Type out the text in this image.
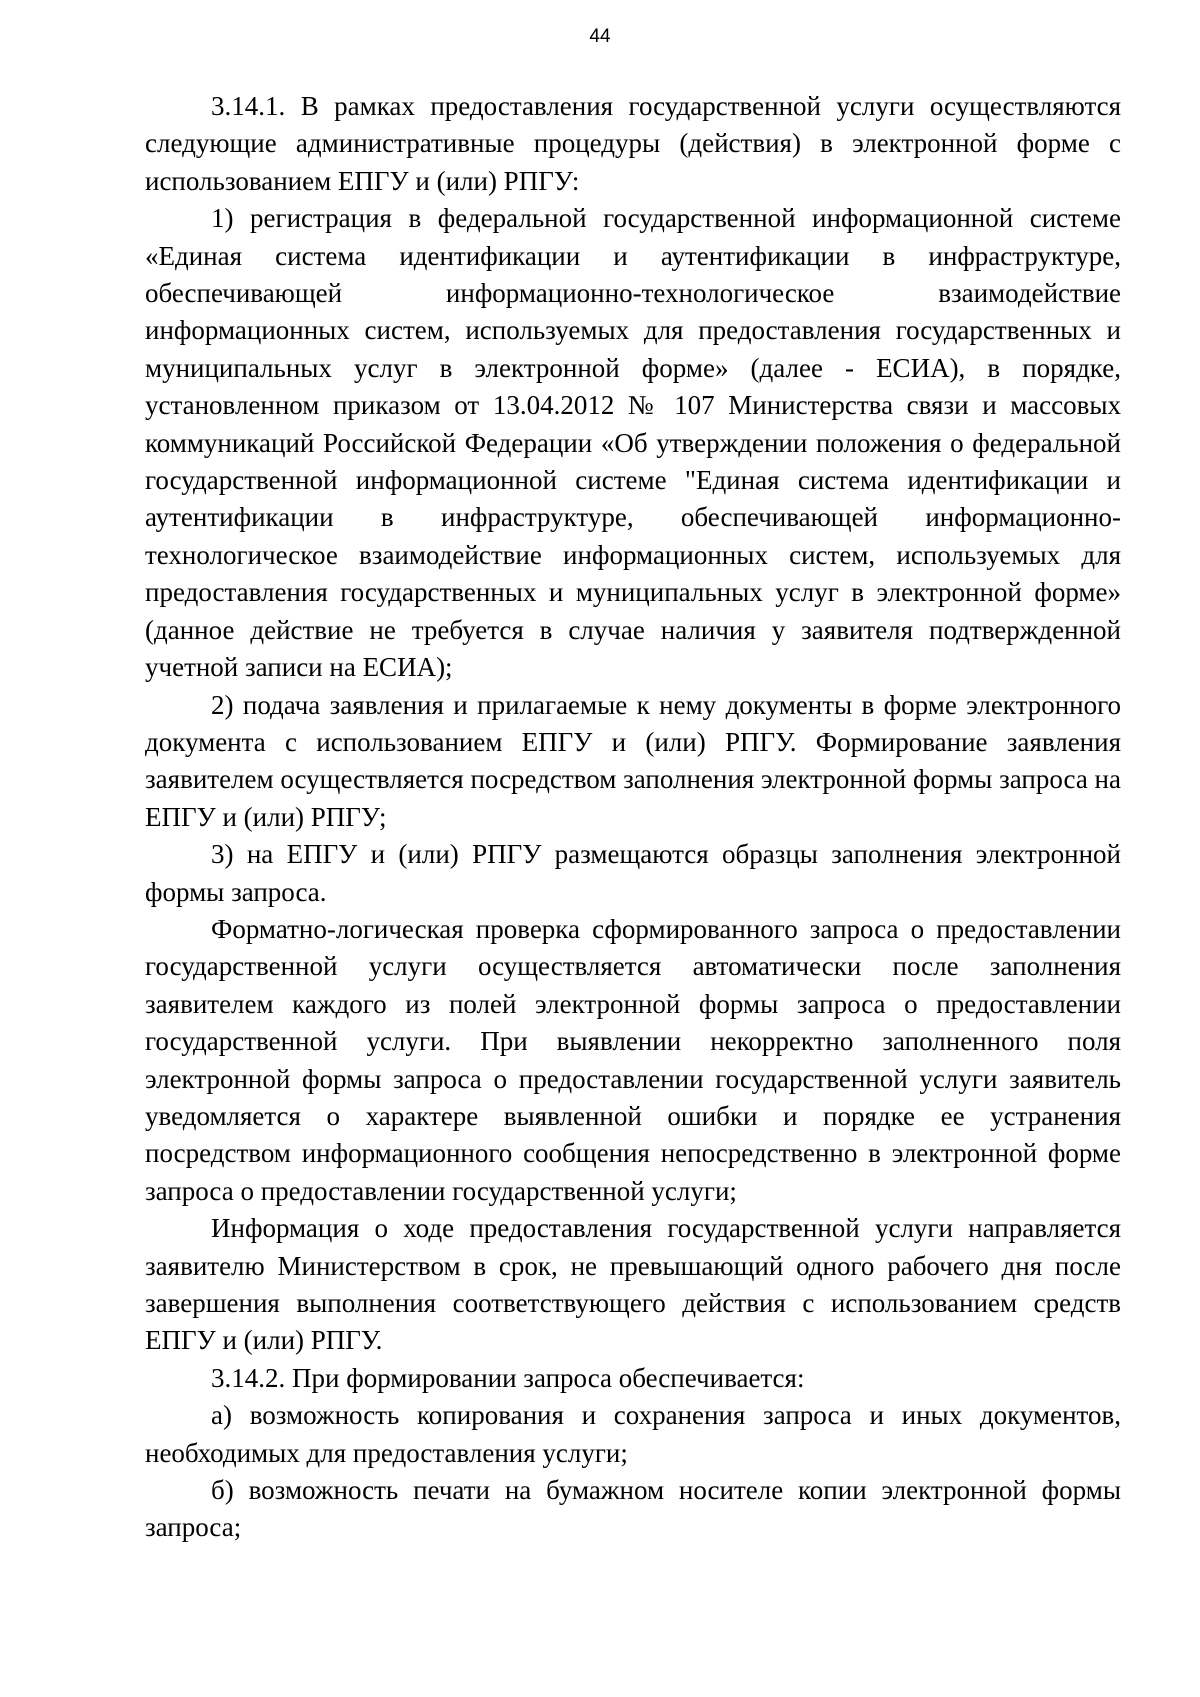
44

3.14.1. В рамках предоставления государственной услуги осуществляются следующие административные процедуры (действия) в электронной форме с использованием ЕПГУ и (или) РПГУ:

1) регистрация в федеральной государственной информационной системе «Единая система идентификации и аутентификации в инфраструктуре, обеспечивающей информационно-технологическое взаимодействие информационных систем, используемых для предоставления государственных и муниципальных услуг в электронной форме» (далее - ЕСИА), в порядке, установленном приказом от 13.04.2012 № 107 Министерства связи и массовых коммуникаций Российской Федерации «Об утверждении положения о федеральной государственной информационной системе "Единая система идентификации и аутентификации в инфраструктуре, обеспечивающей информационно-технологическое взаимодействие информационных систем, используемых для предоставления государственных и муниципальных услуг в электронной форме» (данное действие не требуется в случае наличия у заявителя подтвержденной учетной записи на ЕСИА);

2) подача заявления и прилагаемые к нему документы в форме электронного документа с использованием ЕПГУ и (или) РПГУ. Формирование заявления заявителем осуществляется посредством заполнения электронной формы запроса на ЕПГУ и (или) РПГУ;

3) на ЕПГУ и (или) РПГУ размещаются образцы заполнения электронной формы запроса.

Форматно-логическая проверка сформированного запроса о предоставлении государственной услуги осуществляется автоматически после заполнения заявителем каждого из полей электронной формы запроса о предоставлении государственной услуги. При выявлении некорректно заполненного поля электронной формы запроса о предоставлении государственной услуги заявитель уведомляется о характере выявленной ошибки и порядке ее устранения посредством информационного сообщения непосредственно в электронной форме запроса о предоставлении государственной услуги;

Информация о ходе предоставления государственной услуги направляется заявителю Министерством в срок, не превышающий одного рабочего дня после завершения выполнения соответствующего действия с использованием средств ЕПГУ и (или) РПГУ.

3.14.2. При формировании запроса обеспечивается:

а) возможность копирования и сохранения запроса и иных документов, необходимых для предоставления услуги;

б) возможность печати на бумажном носителе копии электронной формы запроса;
